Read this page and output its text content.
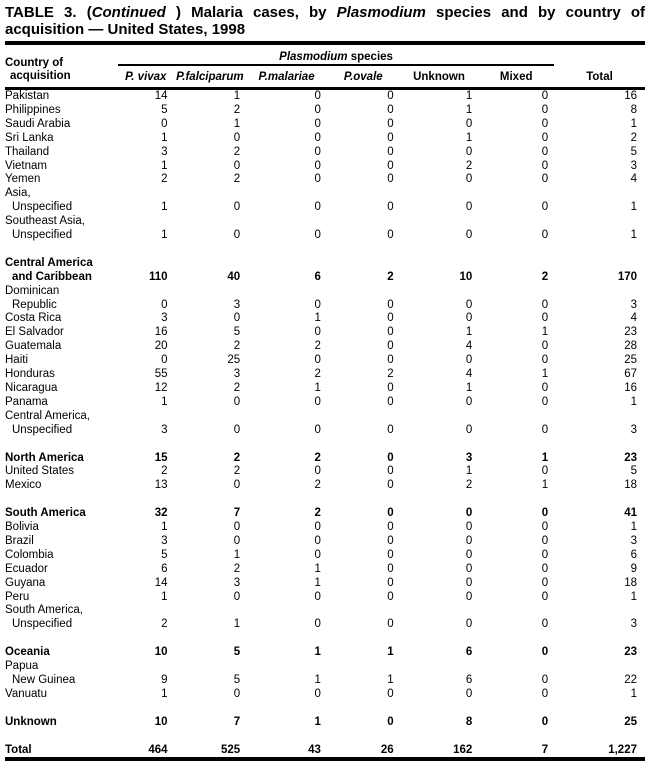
TABLE 3. (Continued ) Malaria cases, by Plasmodium species and by country of
acquisition — United States, 1998
Country of
acquisition	Plasmodium species						
	P. vivax	P.falciparum	P.malariae	P.ovale	Unknown	Mixed	Total
Pakistan	14	1	0	0	1	0	16
Philippines	5	2	0	0	1	0	8
Saudi Arabia	0	1	0	0	0	0	1
Sri Lanka	1	0	0	0	1	0	2
Thailand	3	2	0	0	0	0	5
Vietnam	1	0	0	0	2	0	3
Yemen	2	2	0	0	0	0	4
Asia,							
Unspecified	1	0	0	0	0	0	1
Southeast Asia,							
Unspecified	1	0	0	0	0	0	1

Central America							
and Caribbean	110	40	6	2	10	2	170
Dominican							
Republic	0	3	0	0	0	0	3
Costa Rica	3	0	1	0	0	0	4
El Salvador	16	5	0	0	1	1	23
Guatemala	20	2	2	0	4	0	28
Haiti	0	25	0	0	0	0	25
Honduras	55	3	2	2	4	1	67
Nicaragua	12	2	1	0	1	0	16
Panama	1	0	0	0	0	0	1
Central America,							
Unspecified	3	0	0	0	0	0	3

North America	15	2	2	0	3	1	23
United States	2	2	0	0	1	0	5
Mexico	13	0	2	0	2	1	18

South America	32	7	2	0	0	0	41
Bolivia	1	0	0	0	0	0	1
Brazil	3	0	0	0	0	0	3
Colombia	5	1	0	0	0	0	6
Ecuador	6	2	1	0	0	0	9
Guyana	14	3	1	0	0	0	18
Peru	1	0	0	0	0	0	1
South America,							
Unspecified	2	1	0	0	0	0	3

Oceania	10	5	1	1	6	0	23
Papua							
New Guinea	9	5	1	1	6	0	22
Vanuatu	1	0	0	0	0	0	1

Unknown	10	7	1	0	8	0	25

Total	464	525	43	26	162	7	1,227
